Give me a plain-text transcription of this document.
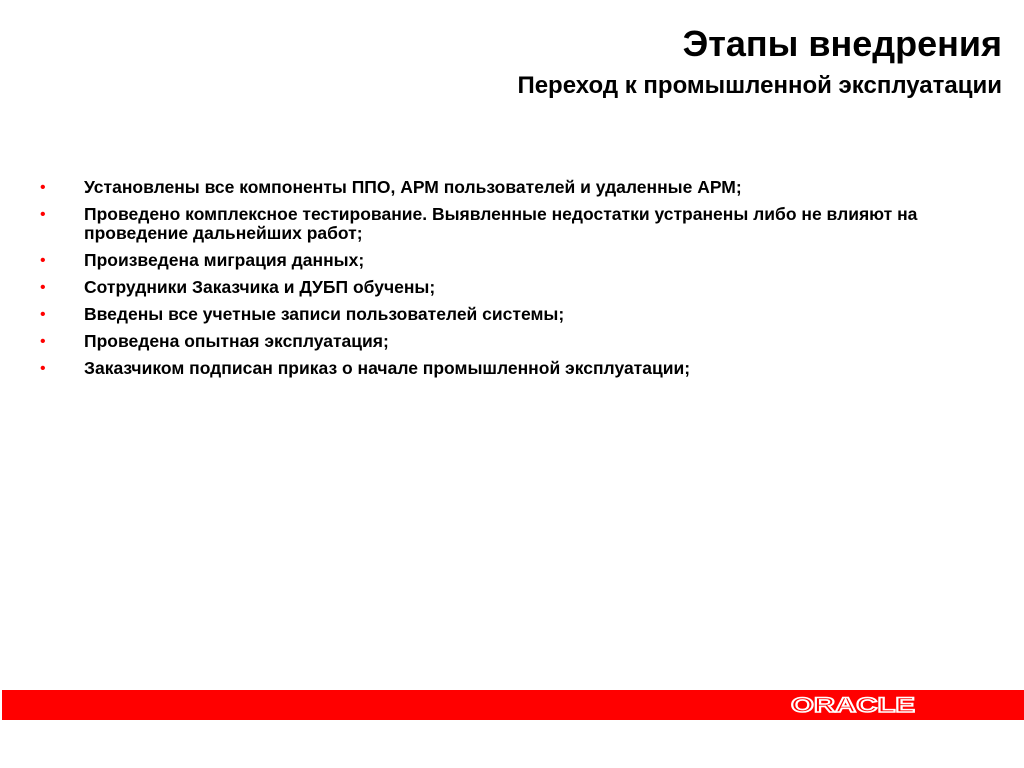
Этапы внедрения
Переход к промышленной эксплуатации
• Установлены все компоненты ППО, АРМ пользователей и удаленные АРМ;
• Проведено комплексное тестирование. Выявленные недостатки устранены либо не влияют на проведение дальнейших работ;
• Произведена миграция данных;
• Сотрудники Заказчика и ДУБП обучены;
• Введены все учетные записи пользователей системы;
• Проведена опытная эксплуатация;
• Заказчиком подписан приказ о начале промышленной эксплуатации;
ORACLE
